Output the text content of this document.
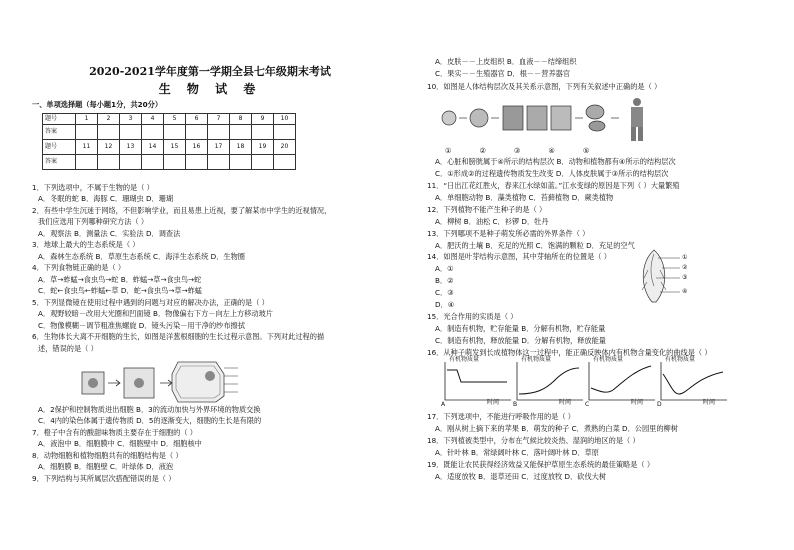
2020-2021学年度第一学期全县七年级期末考试
生 物 试 卷
一、单项选择题（每小题1分，共20分）
题号	1	2	3	4	5	6	7	8	9	10
答案										
题号	11	12	13	14	15	16	17	18	19	20
答案										
1．下列选项中，不属于生物的是（ ）
A．冬眠的蛇 B．海豚 C．珊瑚虫 D．珊瑚
2．有些中学生沉迷于网络，不但影响学业，而且易患上近视，要了解某市中学生的近视情况，
我们应选用下列哪种研究方法（ ）
A．观察法 B．测量法 C．实验法 D．调查法
3．地球上最大的生态系统是（ ）
A．森林生态系统 B．草原生态系统 C．海洋生态系统 D．生物圈
4．下列食物链正确的是（ ）
A．草→蚱蜢→食虫鸟→蛇 B．蚱蜢→草→食虫鸟→蛇
C．蛇←食虫鸟←蚱蜢←草 D．蛇→食虫鸟→草→蚱蜢
5．下列显微镜在使用过程中遇到的问题与对应的解决办法，正确的是（ ）
A．观野较暗－改用大光圈和凹面镜 B．物像偏右下方－向左上方移动玻片
C．物像模糊－调节粗准焦螺旋 D．镜头污染－用干净的纱布擦拭
6．生物体长大离不开细胞的生长，如图是洋葱根细胞的生长过程示意图。下列对此过程的描
述，错误的是（ ）
A．2保护和控制物质进出细胞 B．3的流动加快与外界环境的物质交换
C．4内的染色体属于遗传物质 D．5的逐渐变大，细胞的生长是有限的
7．橙子中含有的酸甜味物质主要存在于细胞的（ ）
A．液泡中 B．细胞膜中 C．细胞壁中 D．细胞核中
8．动物细胞和植物细胞共有的细胞结构是（ ）
A．细胞膜 B．细胞壁 C．叶绿体 D．液泡
9．下列结构与其所属层次搭配错误的是（ ）
A．皮肤－－上皮组织 B．血液－－结缔组织
C．果实－－生殖器官 D．根－－营养器官
10．如图是人体结构层次及其关系示意图，下列有关叙述中正确的是（ ）
①②③④⑤
A．心脏和膀胱属于④所示的结构层次 B．动物和植物都有④所示的结构层次
C．①形成②的过程遗传物质发生改变 D．人体皮肤属于③所示的结构层次
11．“日出江花红胜火，春来江水绿如蓝。”江水变绿的原因是下列（ ）大量繁殖
A．单细胞动物 B．藻类植物 C．苔藓植物 D．蕨类植物
12．下列植物不能产生种子的是（ ）
A．柳树 B．油松 C．衫锣 D．牡丹
13．下列哪项不是种子萌发所必需的外界条件（ ）
A．肥沃的土壤 B．充足的光照 C．饱满的颗粒 D．充足的空气
14．如图是叶芽结构示意图，其中芽轴所在的位置是（ ）
A．①
B．②
C．③
D．④
①
②
③
④
15．光合作用的实质是（ ）
A．制造有机物，贮存能量 B．分解有机物，贮存能量
C．制造有机物，释放能量 D．分解有机物，释放能量
16．从种子萌发到长成植物体这一过程中，能正确反映体内有机物含量变化的曲线是（ ）
有机物质量
时间
A
有机物质量
时间
B
有机物质量
时间
C
有机物质量
时间
D
17．下列选项中，不能进行呼吸作用的是（ ）
A．刚从树上摘下来的苹果 B．萌发的种子 C．煮熟的白菜 D．公园里的柳树
18．下列植被类型中，分布在气候比较炎热、湿润的地区的是（ ）
A．针叶林 B．常绿阔叶林 C．落叶阔叶林 D．草原
19．既能让农民获得经济效益又能保护草原生态系统的最佳策略是（ ）
A．适度放牧 B．退草还田 C．过度放牧 D．砍伐大树
